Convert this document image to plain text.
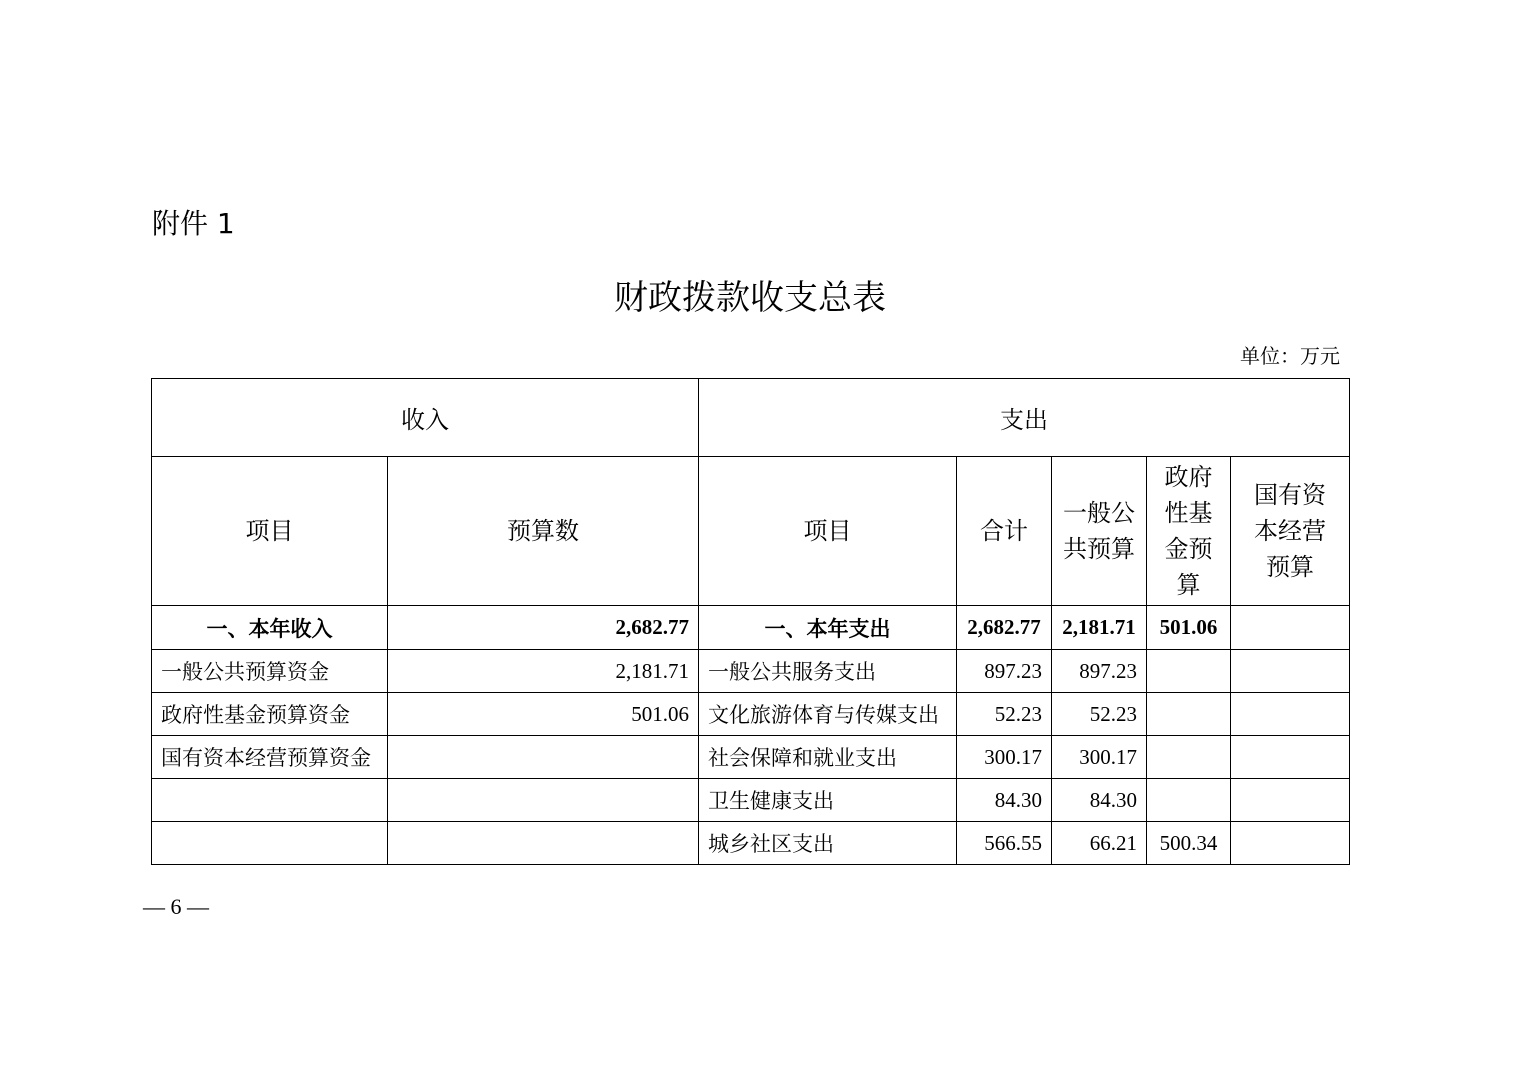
附件 1
财政拨款收支总表
单位：万元
收入		支出				
项目	预算数	项目	合计	一般公共预算	政府性基金预算	国有资本经营预算

一、本年收入	2,682.77	一、本年支出	2,682.77	2,181.71	501.06	
一般公共预算资金	2,181.71	一般公共服务支出	897.23	897.23		
政府性基金预算资金	501.06	文化旅游体育与传媒支出	52.23	52.23		
国有资本经营预算资金		社会保障和就业支出	300.17	300.17		
		卫生健康支出	84.30	84.30		
		城乡社区支出	566.55	66.21	500.34	
— 6 —
